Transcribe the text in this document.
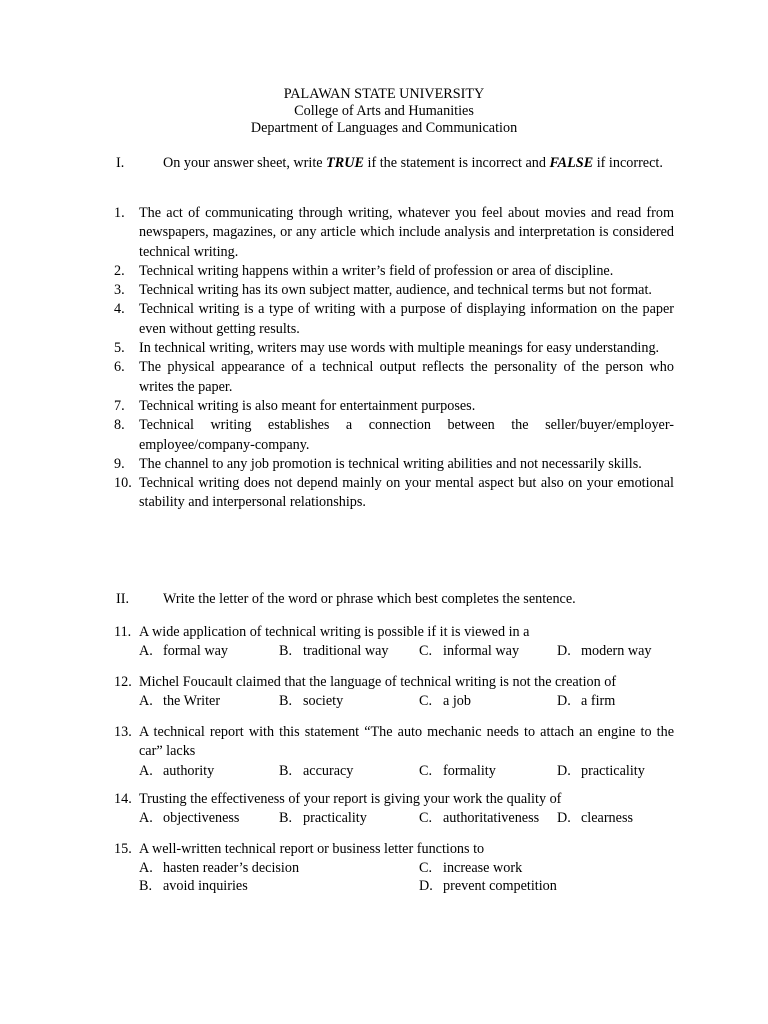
PALAWAN STATE UNIVERSITY
College of Arts and Humanities
Department of Languages and Communication
I.	On your answer sheet, write TRUE if the statement is incorrect and FALSE if incorrect.
1. The act of communicating through writing, whatever you feel about movies and read from newspapers, magazines, or any article which include analysis and interpretation is considered technical writing.
2. Technical writing happens within a writer’s field of profession or area of discipline.
3. Technical writing has its own subject matter, audience, and technical terms but not format.
4. Technical writing is a type of writing with a purpose of displaying information on the paper even without getting results.
5. In technical writing, writers may use words with multiple meanings for easy understanding.
6. The physical appearance of a technical output reflects the personality of the person who writes the paper.
7. Technical writing is also meant for entertainment purposes.
8. Technical writing establishes a connection between the seller/buyer/employer-employee/company-company.
9. The channel to any job promotion is technical writing abilities and not necessarily skills.
10. Technical writing does not depend mainly on your mental aspect but also on your emotional stability and interpersonal relationships.
II. Write the letter of the word or phrase which best completes the sentence.
11. A wide application of technical writing is possible if it is viewed in a
A. formal way	B. traditional way C. informal way	D. modern way
12. Michel Foucault claimed that the language of technical writing is not the creation of
A. the Writer	B. society	C. a job	D. a firm
13. A technical report with this statement “The auto mechanic needs to attach an engine to the car” lacks
A. authority	B. accuracy	C. formality	D. practicality
14. Trusting the effectiveness of your report is giving your work the quality of
A. objectiveness	B. practicality	C. authoritativeness D. clearness
15. A well-written technical report or business letter functions to
A. hasten reader’s decision	C. increase work
B. avoid inquiries	D. prevent competition
